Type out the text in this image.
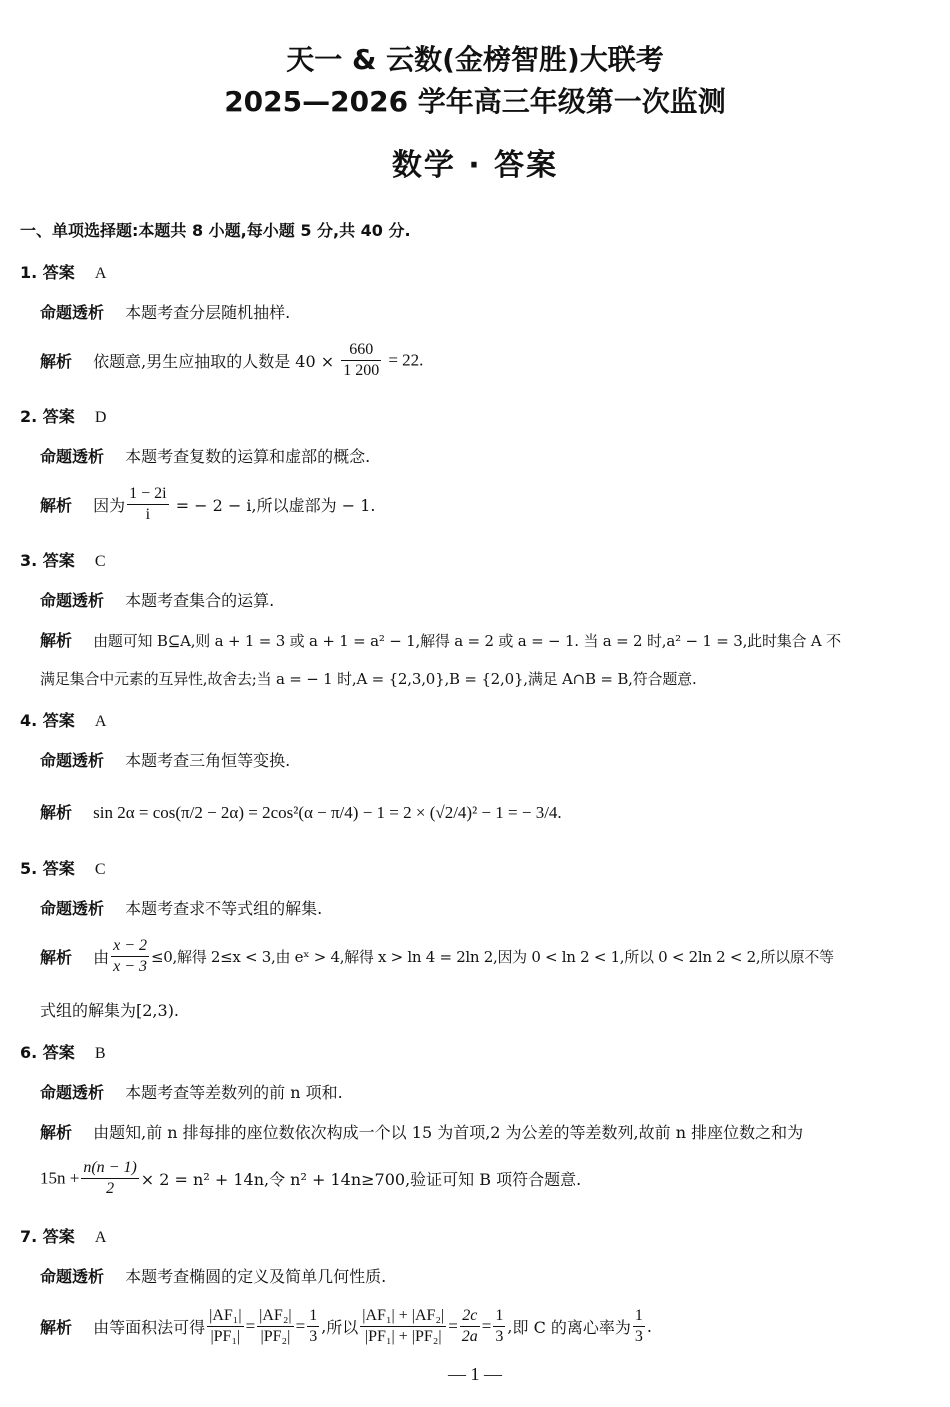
天一 & 云数(金榜智胜)大联考
2025—2026 学年高三年级第一次监测
数学 · 答案
一、单项选择题:本题共 8 小题,每小题 5 分,共 40 分.
1. 答案 A
命题透析 本题考查分层随机抽样.
解析 依题意,男生应抽取的人数是 $40 \times \frac{660}{1 200} = 22$.
2. 答案 D
命题透析 本题考查复数的运算和虚部的概念.
解析 因为 $\frac{1 - 2i}{i}$ = − 2 − i,所以虚部为 − 1.
3. 答案 C
命题透析 本题考查集合的运算.
解析 由题可知 B⊆A,则 a + 1 = 3 或 a + 1 = a² − 1,解得 a = 2 或 a = − 1. 当 a = 2 时,a² − 1 = 3,此时集合 A 不
满足集合中元素的互异性,故舍去;当 a = − 1 时,A = {2,3,0},B = {2,0},满足 A∩B = B,符合题意.
4. 答案 A
命题透析 本题考查三角恒等变换.
解析 sin 2α = cos(π/2 − 2α) = 2cos²(α − π/4) − 1 = 2 × (√2/4)² − 1 = − 3/4.
5. 答案 C
命题透析 本题考查求不等式组的解集.
解析 由 $\frac{x - 2}{x - 3} \le 0$,解得 2≤x < 3,由 eˣ > 4,解得 x > ln 4 = 2ln 2,因为 0 < ln 2 < 1,所以 0 < 2ln 2 < 2,所以原不等
式组的解集为[2,3).
6. 答案 B
命题透析 本题考查等差数列的前 n 项和.
解析 由题知,前 n 排每排的座位数依次构成一个以 15 为首项,2 为公差的等差数列,故前 n 排座位数之和为
$15n + \frac{n(n - 1)}{2} \times 2 = n^2 + 14n$,令 n² + 14n≥700,验证可知 B 项符合题意.
7. 答案 A
命题透析 本题考查椭圆的定义及简单几何性质.
解析 由等面积法可得 $\frac{\text{|AF₁|}}{\text{|PF₁|}} = \frac{\text{|AF₂|}}{\text{|PF₂|}} = \frac{1}{3}$ ,所以 $\frac{\text{|AF₁| + |AF₂|}}{\text{|PF₁| + |PF₂|}} = \frac{2c}{2a} = \frac{1}{3}$ ,即 C 的离心率为 $\frac{1}{3}$ .
— 1 —
